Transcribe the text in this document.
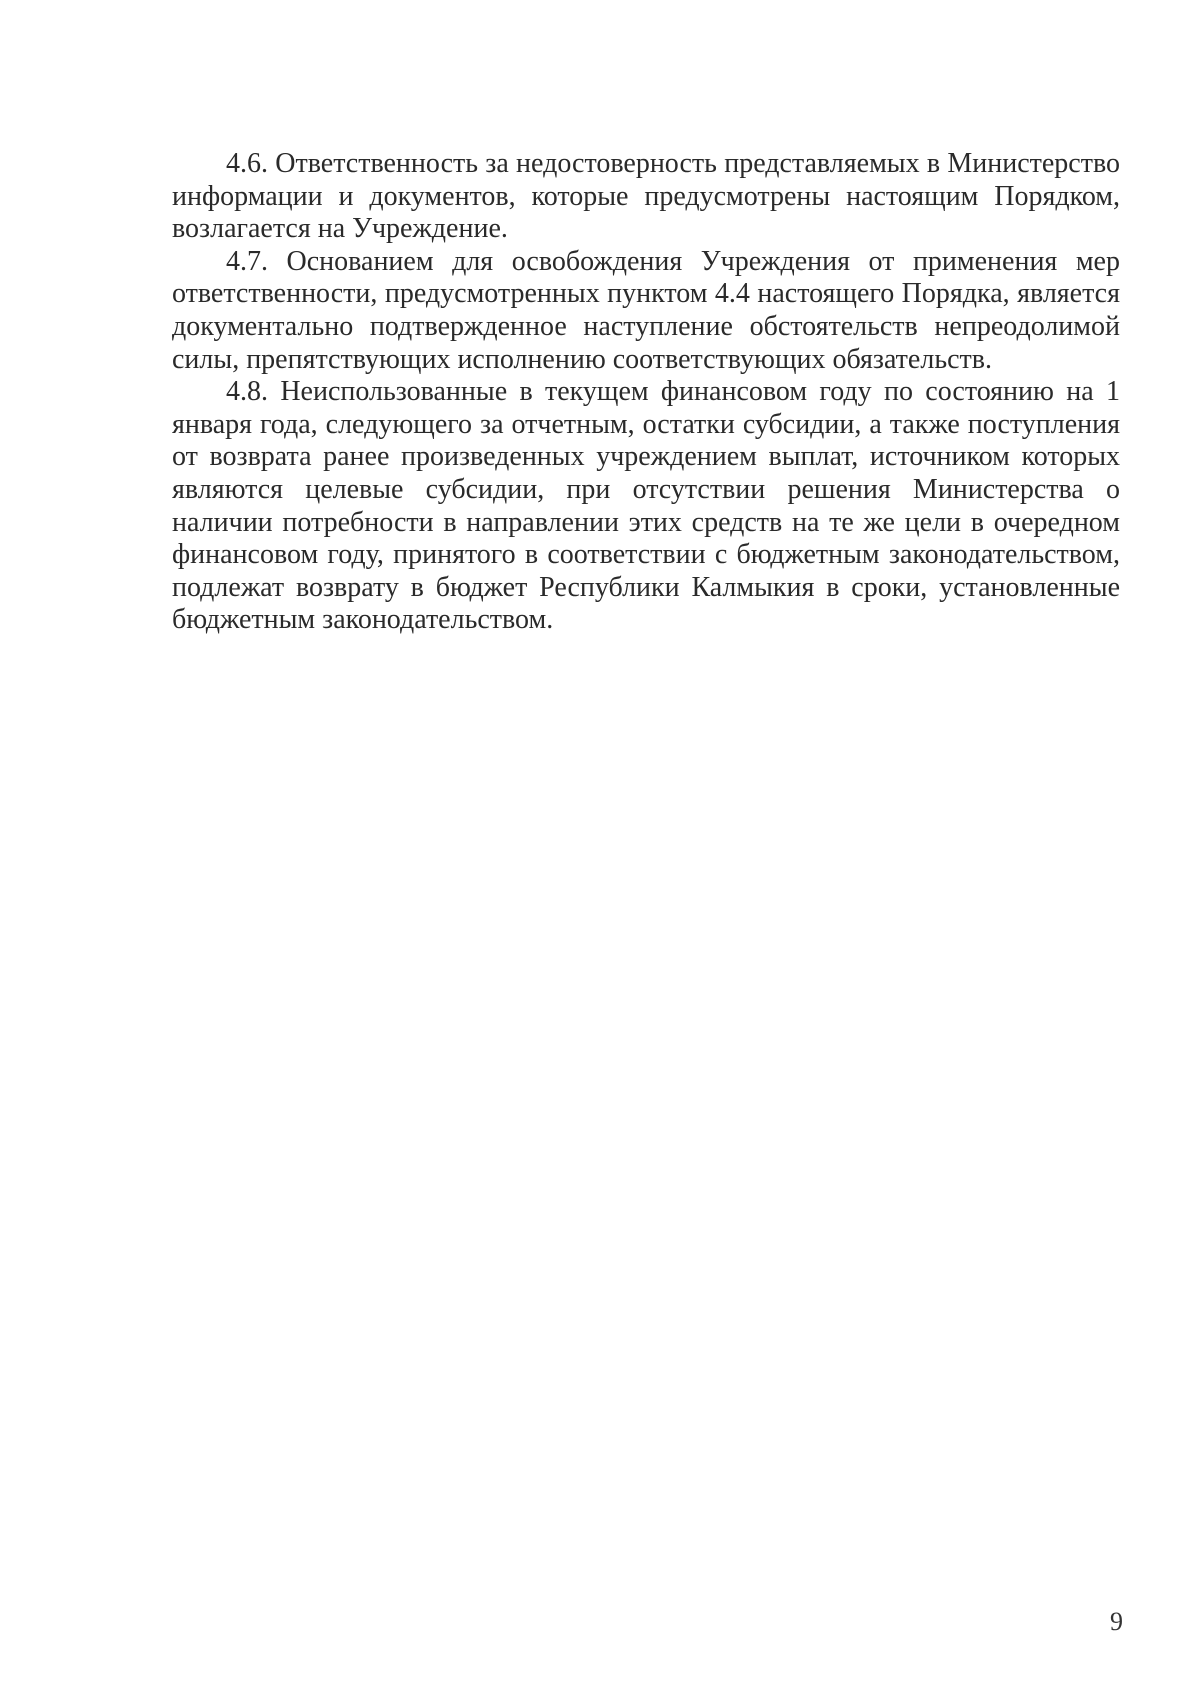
4.6. Ответственность за недостоверность представляемых в Министерство информации и документов, которые предусмотрены настоящим Порядком, возлагается на Учреждение.

4.7. Основанием для освобождения Учреждения от применения мер ответственности, предусмотренных пунктом 4.4 настоящего Порядка, является документально подтвержденное наступление обстоятельств непреодолимой силы, препятствующих исполнению соответствующих обязательств.

4.8. Неиспользованные в текущем финансовом году по состоянию на 1 января года, следующего за отчетным, остатки субсидии, а также поступления от возврата ранее произведенных учреждением выплат, источником которых являются целевые субсидии, при отсутствии решения Министерства о наличии потребности в направлении этих средств на те же цели в очередном финансовом году, принятого в соответствии с бюджетным законодательством, подлежат возврату в бюджет Республики Калмыкия в сроки, установленные бюджетным законодательством.

9
